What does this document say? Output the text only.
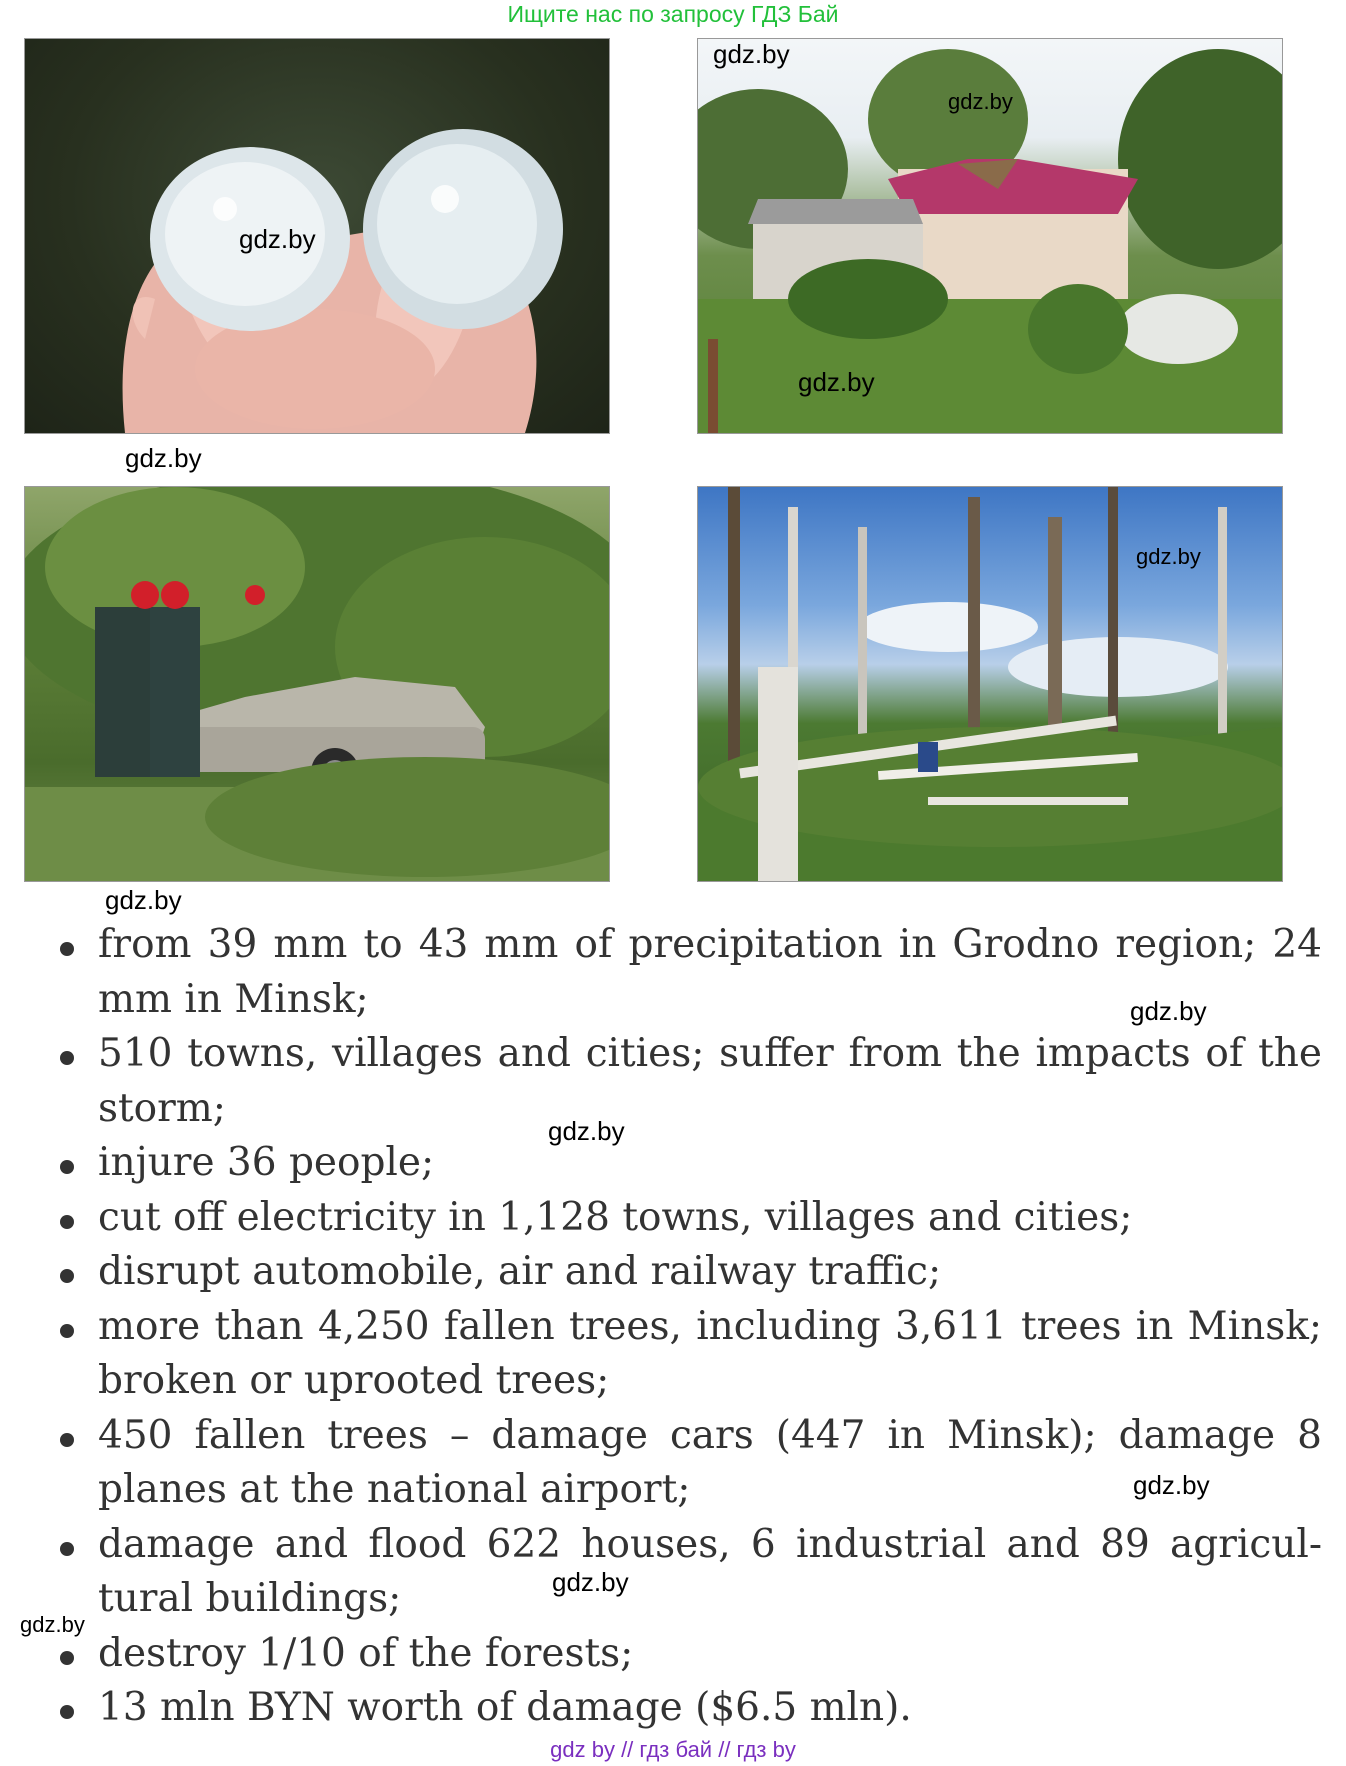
Ищите нас по запросу ГДЗ Бай
gdz.by
gdz.by
gdz.by
gdz.by
gdz.by
gdz.by
gdz.by
from 39 mm to 43 mm of precipitation in Grodno region; 24 mm in Minsk;
510 towns, villages and cities; suffer from the impacts of the storm;
injure 36 people;
cut off electricity in 1,128 towns, villages and cities;
disrupt automobile, air and railway traffic;
more than 4,250 fallen trees, including 3,611 trees in Minsk; broken or uprooted trees;
450 fallen trees – damage cars (447 in Minsk); damage 8 planes at the national airport;
damage and flood 622 houses, 6 industrial and 89 agricul-tural buildings;
destroy 1/10 of the forests;
13 mln BYN worth of damage ($6.5 mln).
gdz.by
gdz.by
gdz.by
gdz.by
gdz.by
gdz by // гдз бай // гдз by
